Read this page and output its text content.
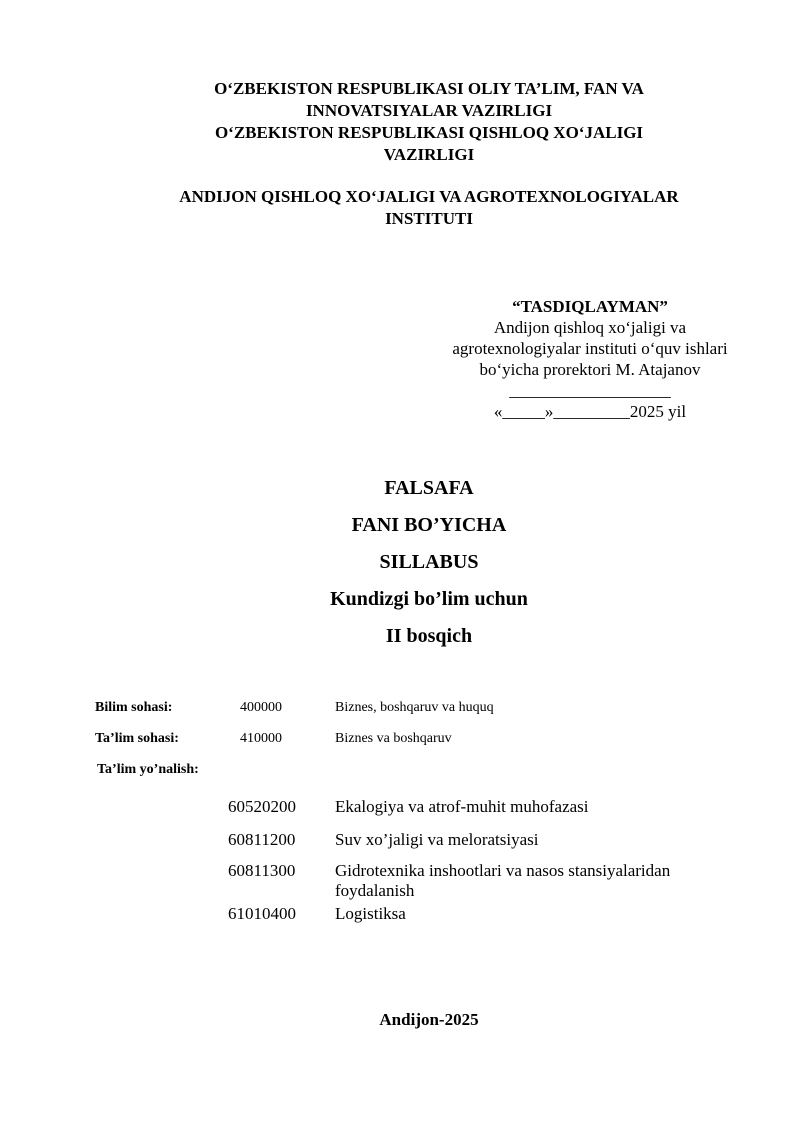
O‘ZBEKISTON RESPUBLIKASI OLIY TA’LIM, FAN VA
INNOVATSIYALAR VAZIRLIGI
O‘ZBEKISTON RESPUBLIKASI QISHLOQ XO‘JALIGI
VAZIRLIGI
ANDIJON QISHLOQ XO‘JALIGI VA AGROTEXNOLOGIYALAR
INSTITUTI
“TASDIQLAYMAN”
Andijon qishloq xo‘jaligi va
agrotexnologiyalar instituti o‘quv ishlari
bo‘yicha prorektori M. Atajanov
___________________
«_____»_________2025 yil
FALSAFA
FANI BO’YICHA
SILLABUS
Kundizgi bo’lim uchun
II bosqich
Bilim sohasi:	400000	Biznes, boshqaruv va huquq
Ta’lim sohasi:	410000	Biznes va boshqaruv
Ta’lim yo’nalish:
60520200 Ekalogiya va atrof-muhit muhofazasi
60811200 Suv xo’jaligi va meloratsiyasi
60811300 Gidrotexnika inshootlari va nasos stansiyalaridan foydalanish
61010400 Logistiksa
Andijon-2025
